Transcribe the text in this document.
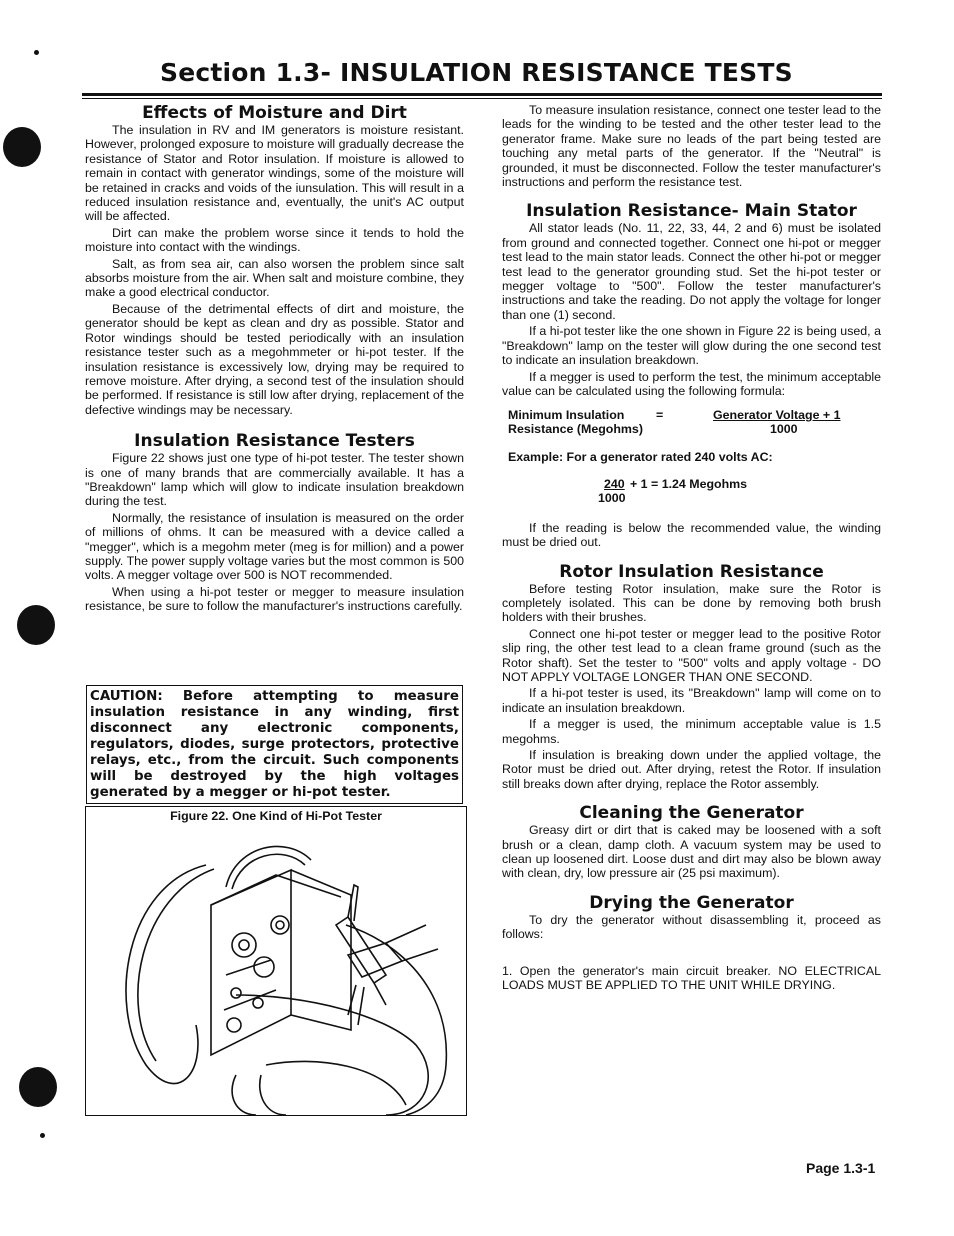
Section 1.3- INSULATION RESISTANCE TESTS
Effects of Moisture and Dirt

The insulation in RV and IM generators is moisture resistant. However, prolonged exposure to moisture will gradually decrease the resistance of Stator and Rotor insulation. If moisture is allowed to remain in contact with generator windings, some of the moisture will be retained in cracks and voids of the iunsulation. This will result in a reduced insulation resistance and, eventually, the unit's AC output will be affected.

Dirt can make the problem worse since it tends to hold the moisture into contact with the windings.

Salt, as from sea air, can also worsen the problem since salt absorbs moisture from the air. When salt and moisture combine, they make a good electrical conductor.

Because of the detrimental effects of dirt and moisture, the generator should be kept as clean and dry as possible. Stator and Rotor windings should be tested periodically with an insulation resistance tester such as a megohmmeter or hi-pot tester. If the insulation resistance is excessively low, drying may be required to remove moisture. After drying, a second test of the insulation should be performed. If resistance is still low after drying, replacement of the defective windings may be necessary.

Insulation Resistance Testers

Figure 22 shows just one type of hi-pot tester. The tester shown is one of many brands that are commercially available. It has a "Breakdown" lamp which will glow to indicate insulation breakdown during the test.

Normally, the resistance of insulation is measured on the order of millions of ohms. It can be measured with a device called a "megger", which is a megohm meter (meg is for million) and a power supply. The power supply voltage varies but the most common is 500 volts. A megger voltage over 500 is NOT recommended.

When using a hi-pot tester or megger to measure insulation resistance, be sure to follow the manufacturer's instructions carefully.

CAUTION: Before attempting to measure insulation resistance in any winding, first disconnect any electronic components, regulators, diodes, surge protectors, protective relays, etc., from the circuit. Such components will be destroyed by the high voltages generated by a megger or hi-pot tester.
Figure 22. One Kind of Hi-Pot Tester

To measure insulation resistance, connect one tester lead to the leads for the winding to be tested and the other tester lead to the generator frame. Make sure no leads of the part being tested are touching any metal parts of the generator. If the "Neutral" is grounded, it must be disconnected. Follow the tester manufacturer's instructions and perform the resistance test.

Insulation Resistance- Main Stator

All stator leads (No. 11, 22, 33, 44, 2 and 6) must be isolated from ground and connected together. Connect one hi-pot or megger test lead to the main stator leads. Connect the other hi-pot or megger test lead to the generator grounding stud. Set the hi-pot tester or megger voltage to "500". Follow the tester manufacturer's instructions and take the reading. Do not apply the voltage for longer than one (1) second.

If a hi-pot tester like the one shown in Figure 22 is being used, a "Breakdown" lamp on the tester will glow during the one second test to indicate an insulation breakdown.

If a megger is used to perform the test, the minimum acceptable value can be calculated using the following formula:

Minimum Insulation	=
Resistance (Megohms)
Generator Voltage + 1
1000

Example: For a generator rated 240 volts AC:

240 + 1 = 1.24 Megohms
1000

If the reading is below the recommended value, the winding must be dried out.

Rotor Insulation Resistance

Before testing Rotor insulation, make sure the Rotor is completely isolated. This can be done by removing both brush holders with their brushes.

Connect one hi-pot tester or megger lead to the positive Rotor slip ring, the other test lead to a clean frame ground (such as the Rotor shaft). Set the tester to "500" volts and apply voltage - DO NOT APPLY VOLTAGE LONGER THAN ONE SECOND.

If a hi-pot tester is used, its "Breakdown" lamp will come on to indicate an insulation breakdown.

If a megger is used, the minimum acceptable value is 1.5 megohms.

If insulation is breaking down under the applied voltage, the Rotor must be dried out. After drying, retest the Rotor. If insulation still breaks down after drying, replace the Rotor assembly.

Cleaning the Generator

Greasy dirt or dirt that is caked may be loosened with a soft brush or a clean, damp cloth. A vacuum system may be used to clean up loosened dirt. Loose dust and dirt may also be blown away with clean, dry, low pressure air (25 psi maximum).

Drying the Generator

To dry the generator without disassembling it, proceed as follows:

1. Open the generator's main circuit breaker. NO ELECTRICAL LOADS MUST BE APPLIED TO THE UNIT WHILE DRYING.

Page 1.3-1
